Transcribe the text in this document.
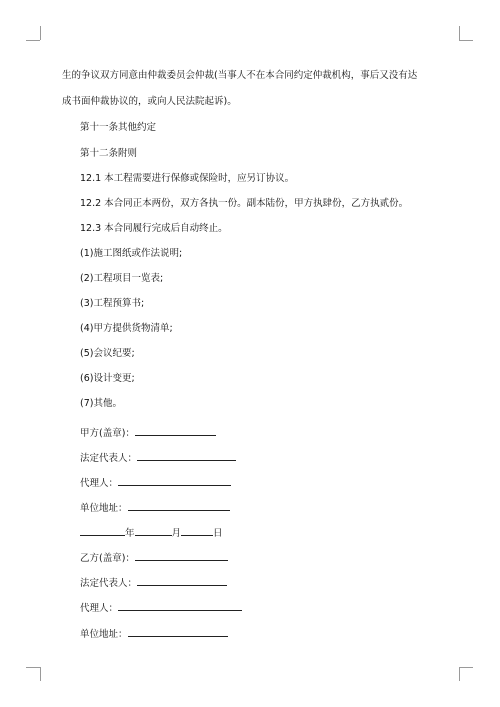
生的争议双方同意由仲裁委员会仲裁(当事人不在本合同约定仲裁机构，事后又没有达
成书面仲裁协议的，或向人民法院起诉)。
第十一条其他约定
第十二条附则
12.1 本工程需要进行保修或保险时，应另订协议。
12.2 本合同正本两份，双方各执一份。副本陆份，甲方执肆份，乙方执贰份。
12.3 本合同履行完成后自动终止。
(1)施工图纸或作法说明;
(2)工程项目一览表;
(3)工程预算书;
(4)甲方提供货物清单;
(5)会议纪要;
(6)设计变更;
(7)其他。
甲方(盖章)：
法定代表人：
代理人：
单位地址：
年	月	日
乙方(盖章)：
法定代表人：
代理人：
单位地址：
